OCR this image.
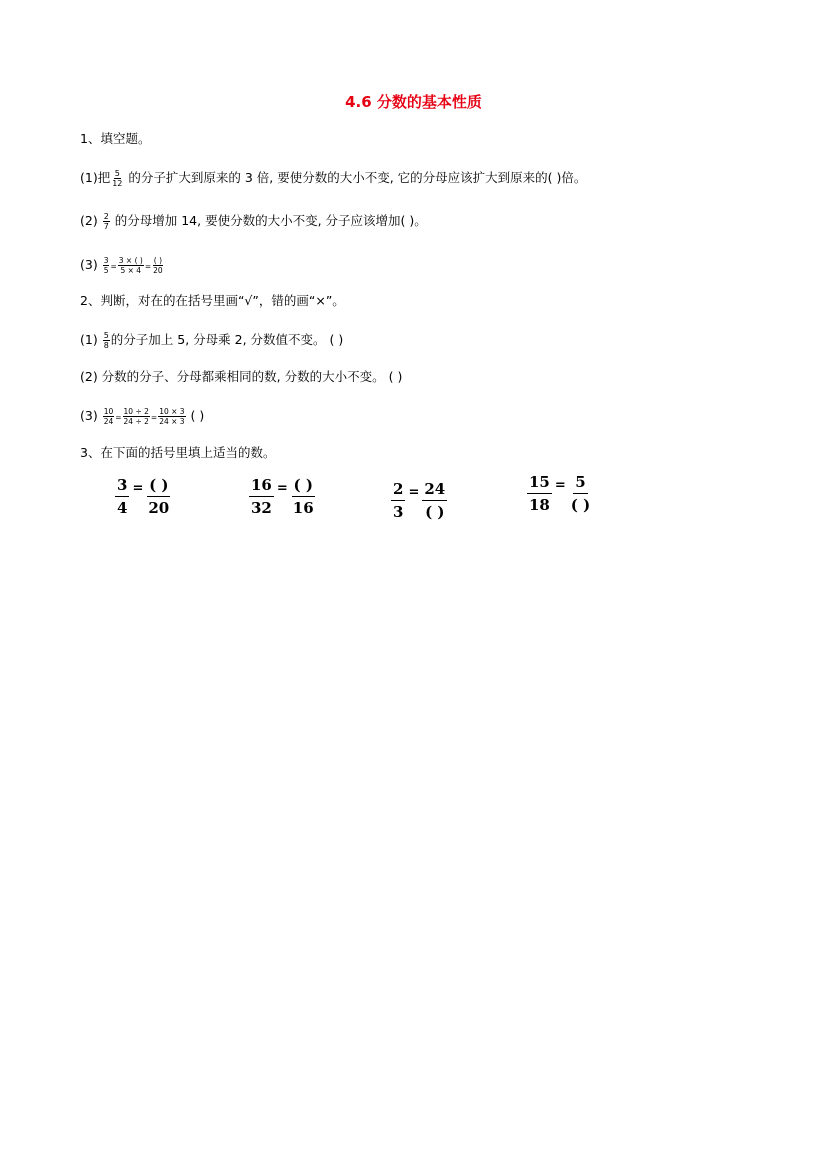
4.6 分数的基本性质
1、填空题。
(1)把 $\frac{5}{12}$ 的分子扩大到原来的 3 倍, 要使分数的大小不变, 它的分母应该扩大到原来的( )倍。
$(2) \frac{2}{7}$ 的分母增加 14, 要使分数的大小不变, 分子应该增加( )。
$(3) \frac{3}{5} = \frac{3 \times ( )}{5 \times 4} = \frac{( )}{20}$
2、判断，对在的在括号里画“√”，错的画“×”。
$(1) \frac{5}{8}$ 的分子加上 5, 分母乘 2, 分数值不变。 ( )
(2) 分数的分子、分母都乘相同的数, 分数的大小不变。 ( )
$(3) \frac{10}{24} = \frac{10 \div 2}{24 \div 2} = \frac{10 \times 3}{24 \times 3}$ ( )
3、在下面的括号里填上适当的数。
$\frac{3}{4} = \frac{( )}{20}$	$\frac{16}{32} = \frac{( )}{16}$	$\frac{2}{3} = \frac{24}{( )}$	$\frac{15}{18} = \frac{5}{( )}$
